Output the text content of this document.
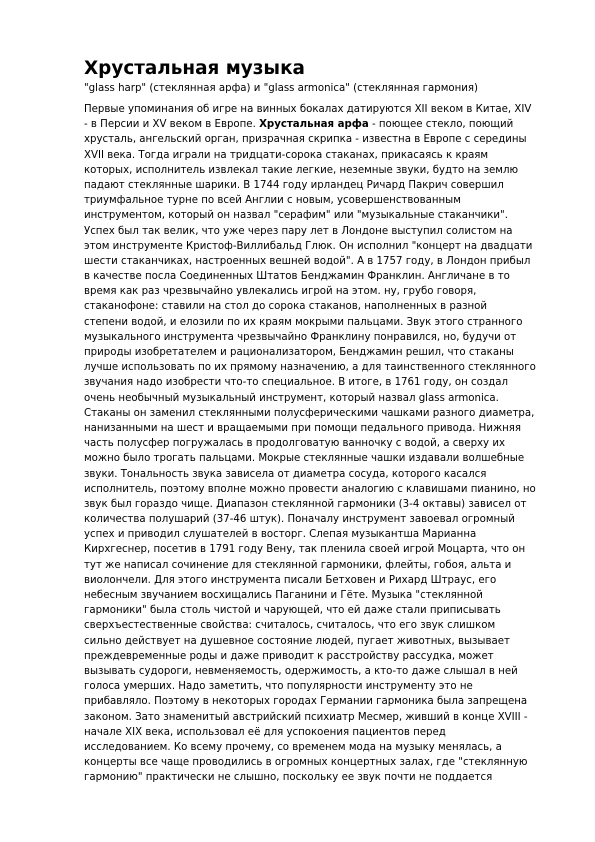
Хрустальная музыка
"glass harp" (стеклянная арфа) и "glass armonica" (стеклянная гармония)
Первые упоминания об игре на винных бокалах датируются XII веком в Китае, XIV
- в Персии и XV веком в Европе. Хрустальная арфа - поющее стекло, поющий
хрусталь, ангельский орган, призрачная скрипка - известна в Европе с середины
XVII века. Тогда играли на тридцати-сорока стаканах, прикасаясь к краям
которых, исполнитель извлекал такие легкие, неземные звуки, будто на землю
падают стеклянные шарики. В 1744 году ирландец Ричард Пакрич совершил
триумфальное турне по всей Англии с новым, усовершенствованным
инструментом, который он назвал "серафим" или "музыкальные стаканчики".
Успех был так велик, что уже через пару лет в Лондоне выступил солистом на
этом инструменте Кристоф-Виллибальд Глюк. Он исполнил "концерт на двадцати
шести стаканчиках, настроенных вешней водой". А в 1757 году, в Лондон прибыл
в качестве посла Соединенных Штатов Бенджамин Франклин. Англичане в то
время как раз чрезвычайно увлекались игрой на этом. ну, грубо говоря,
стаканофоне: ставили на стол до сорока стаканов, наполненных в разной
степени водой, и елозили по их краям мокрыми пальцами. Звук этого странного
музыкального инструмента чрезвычайно Франклину понравился, но, будучи от
природы изобретателем и рационализатором, Бенджамин решил, что стаканы
лучше использовать по их прямому назначению, а для таинственного стеклянного
звучания надо изобрести что-то специальное. В итоге, в 1761 году, он создал
очень необычный музыкальный инструмент, который назвал glass armonica.
Стаканы он заменил стеклянными полусферическими чашками разного диаметра,
нанизанными на шест и вращаемыми при помощи педального привода. Нижняя
часть полусфер погружалась в продолговатую ванночку с водой, а сверху их
можно было трогать пальцами. Мокрые стеклянные чашки издавали волшебные
звуки. Тональность звука зависела от диаметра сосуда, которого касался
исполнитель, поэтому вполне можно провести аналогию с клавишами пианино, но
звук был гораздо чище. Диапазон стеклянной гармоники (3-4 октавы) зависел от
количества полушарий (37-46 штук). Поначалу инструмент завоевал огромный
успех и приводил слушателей в восторг. Слепая музыкантша Марианна
Кирхгеснер, посетив в 1791 году Вену, так пленила своей игрой Моцарта, что он
тут же написал сочинение для стеклянной гармоники, флейты, гобоя, альта и
виолончели. Для этого инструмента писали Бетховен и Рихард Штраус, его
небесным звучанием восхищались Паганини и Гёте. Музыка "стеклянной
гармоники" была столь чистой и чарующей, что ей даже стали приписывать
сверхъестественные свойства: считалось, считалось, что его звук слишком
сильно действует на душевное состояние людей, пугает животных, вызывает
преждевременные роды и даже приводит к расстройству рассудка, может
вызывать судороги, невменяемость, одержимость, а кто-то даже слышал в ней
голоса умерших. Надо заметить, что популярности инструменту это не
прибавляло. Поэтому в некоторых городах Германии гармоника была запрещена
законом. Зато знаменитый австрийский психиатр Месмер, живший в конце XVIII -
начале XIX века, использовал её для успокоения пациентов перед
исследованием. Ко всему прочему, со временем мода на музыку менялась, а
концерты все чаще проводились в огромных концертных залах, где "стеклянную
гармонию" практически не слышно, поскольку ее звук почти не поддается
